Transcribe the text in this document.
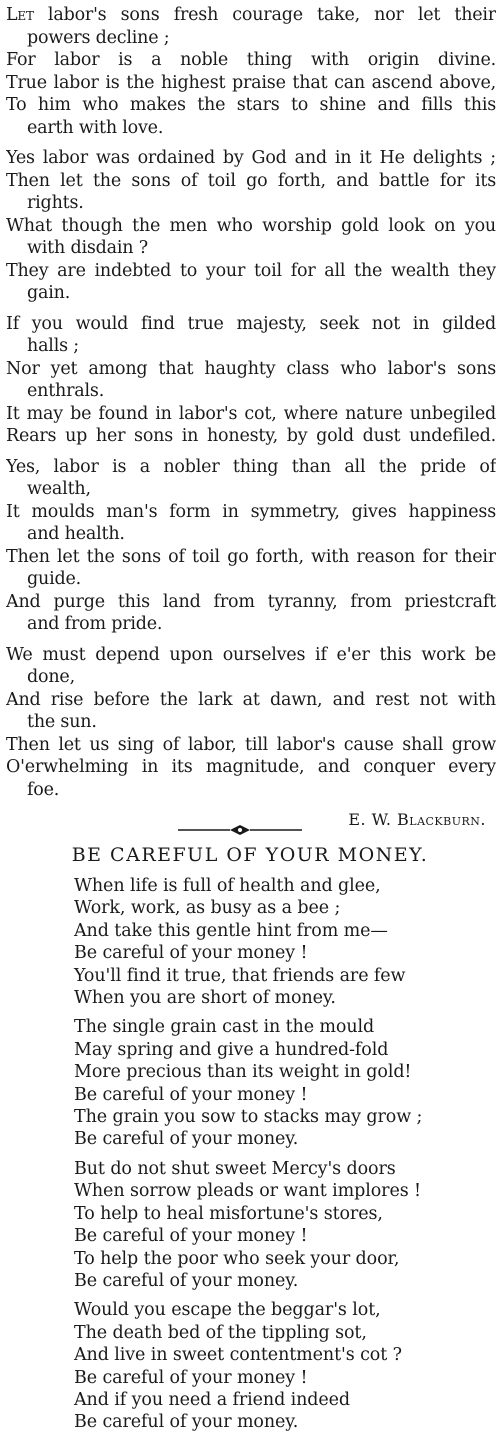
Let labor's sons fresh courage take, nor let their
powers decline ;
For labor is a noble thing with origin divine.
True labor is the highest praise that can ascend above,
To him who makes the stars to shine and fills this
earth with love.
Yes labor was ordained by God and in it He delights ;
Then let the sons of toil go forth, and battle for its
rights.
What though the men who worship gold look on you
with disdain ?
They are indebted to your toil for all the wealth they
gain.
If you would find true majesty, seek not in gilded
halls ;
Nor yet among that haughty class who labor's sons
enthrals.
It may be found in labor's cot, where nature unbegiled
Rears up her sons in honesty, by gold dust undefiled.
Yes, labor is a nobler thing than all the pride of
wealth,
It moulds man's form in symmetry, gives happiness
and health.
Then let the sons of toil go forth, with reason for their
guide.
And purge this land from tyranny, from priestcraft
and from pride.
We must depend upon ourselves if e'er this work be
done,
And rise before the lark at dawn, and rest not with
the sun.
Then let us sing of labor, till labor's cause shall grow
O'erwhelming in its magnitude, and conquer every
foe.
E. W. Blackburn.
BE CAREFUL OF YOUR MONEY.
When life is full of health and glee,
Work, work, as busy as a bee ;
And take this gentle hint from me—
Be careful of your money !
You'll find it true, that friends are few
When you are short of money.
The single grain cast in the mould
May spring and give a hundred-fold
More precious than its weight in gold!
Be careful of your money !
The grain you sow to stacks may grow ;
Be careful of your money.
But do not shut sweet Mercy's doors
When sorrow pleads or want implores !
To help to heal misfortune's stores,
Be careful of your money !
To help the poor who seek your door,
Be careful of your money.
Would you escape the beggar's lot,
The death bed of the tippling sot,
And live in sweet contentment's cot ?
Be careful of your money !
And if you need a friend indeed
Be careful of your money.
